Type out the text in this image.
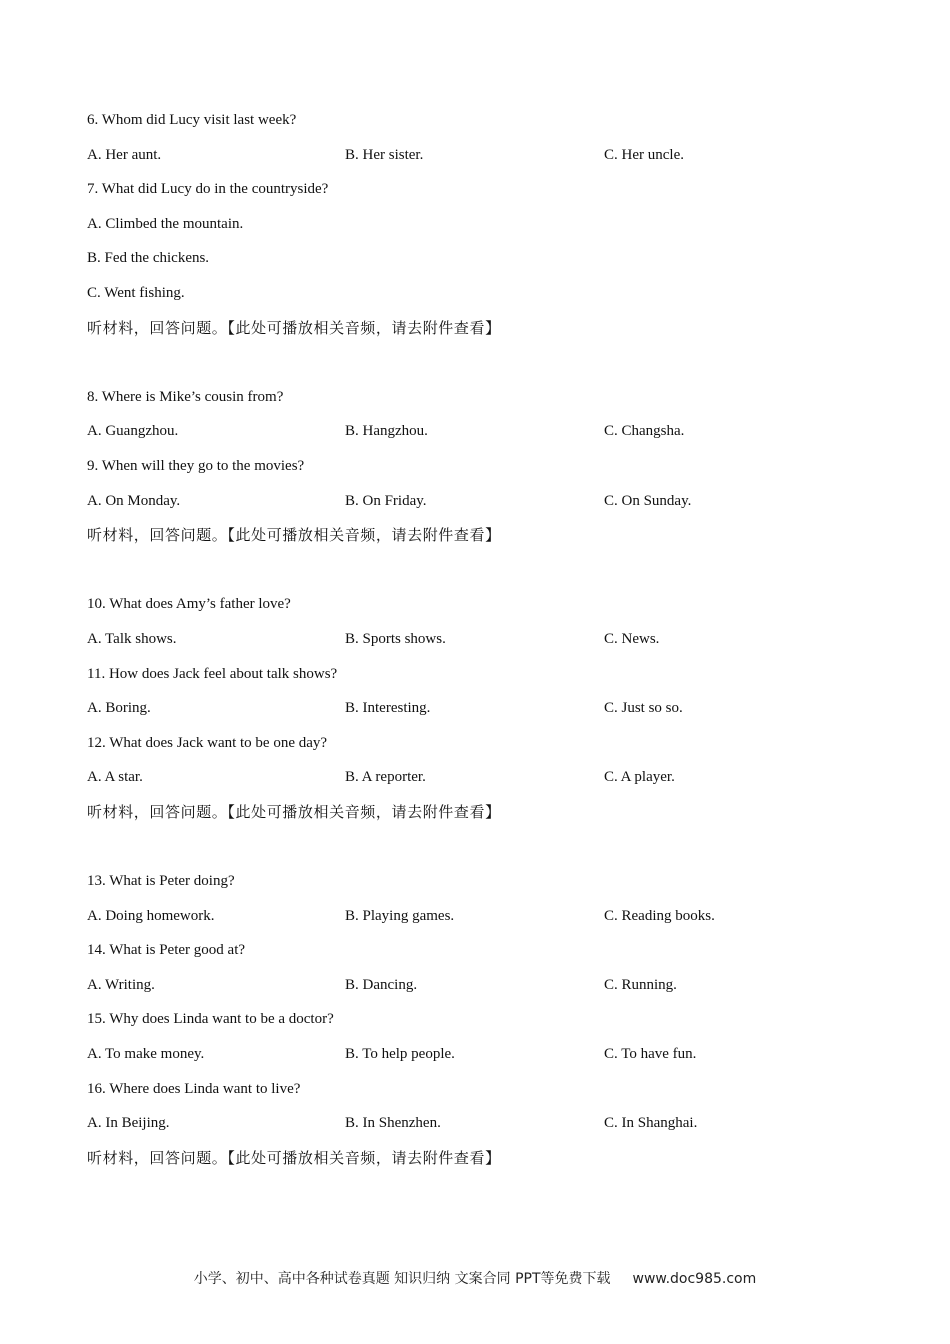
6. Whom did Lucy visit last week?
A. Her aunt.	B. Her sister.	C. Her uncle.
7. What did Lucy do in the countryside?
A. Climbed the mountain.
B. Fed the chickens.
C. Went fishing.
听材料，回答问题。【此处可播放相关音频，请去附件查看】
8. Where is Mike’s cousin from?
A. Guangzhou.	B. Hangzhou.	C. Changsha.
9. When will they go to the movies?
A. On Monday.	B. On Friday.	C. On Sunday.
听材料，回答问题。【此处可播放相关音频，请去附件查看】
10. What does Amy’s father love?
A. Talk shows.	B. Sports shows.	C. News.
11. How does Jack feel about talk shows?
A. Boring.	B. Interesting.	C. Just so so.
12. What does Jack want to be one day?
A. A star.	B. A reporter.	C. A player.
听材料，回答问题。【此处可播放相关音频，请去附件查看】
13. What is Peter doing?
A. Doing homework.	B. Playing games.	C. Reading books.
14. What is Peter good at?
A. Writing.	B. Dancing.	C. Running.
15. Why does Linda want to be a doctor?
A. To make money.	B. To help people.	C. To have fun.
16. Where does Linda want to live?
A. In Beijing.	B. In Shenzhen.	C. In Shanghai.
听材料，回答问题。【此处可播放相关音频，请去附件查看】
小学、初中、高中各种试卷真题 知识归纳 文案合同 PPT等免费下载 www.doc985.com
